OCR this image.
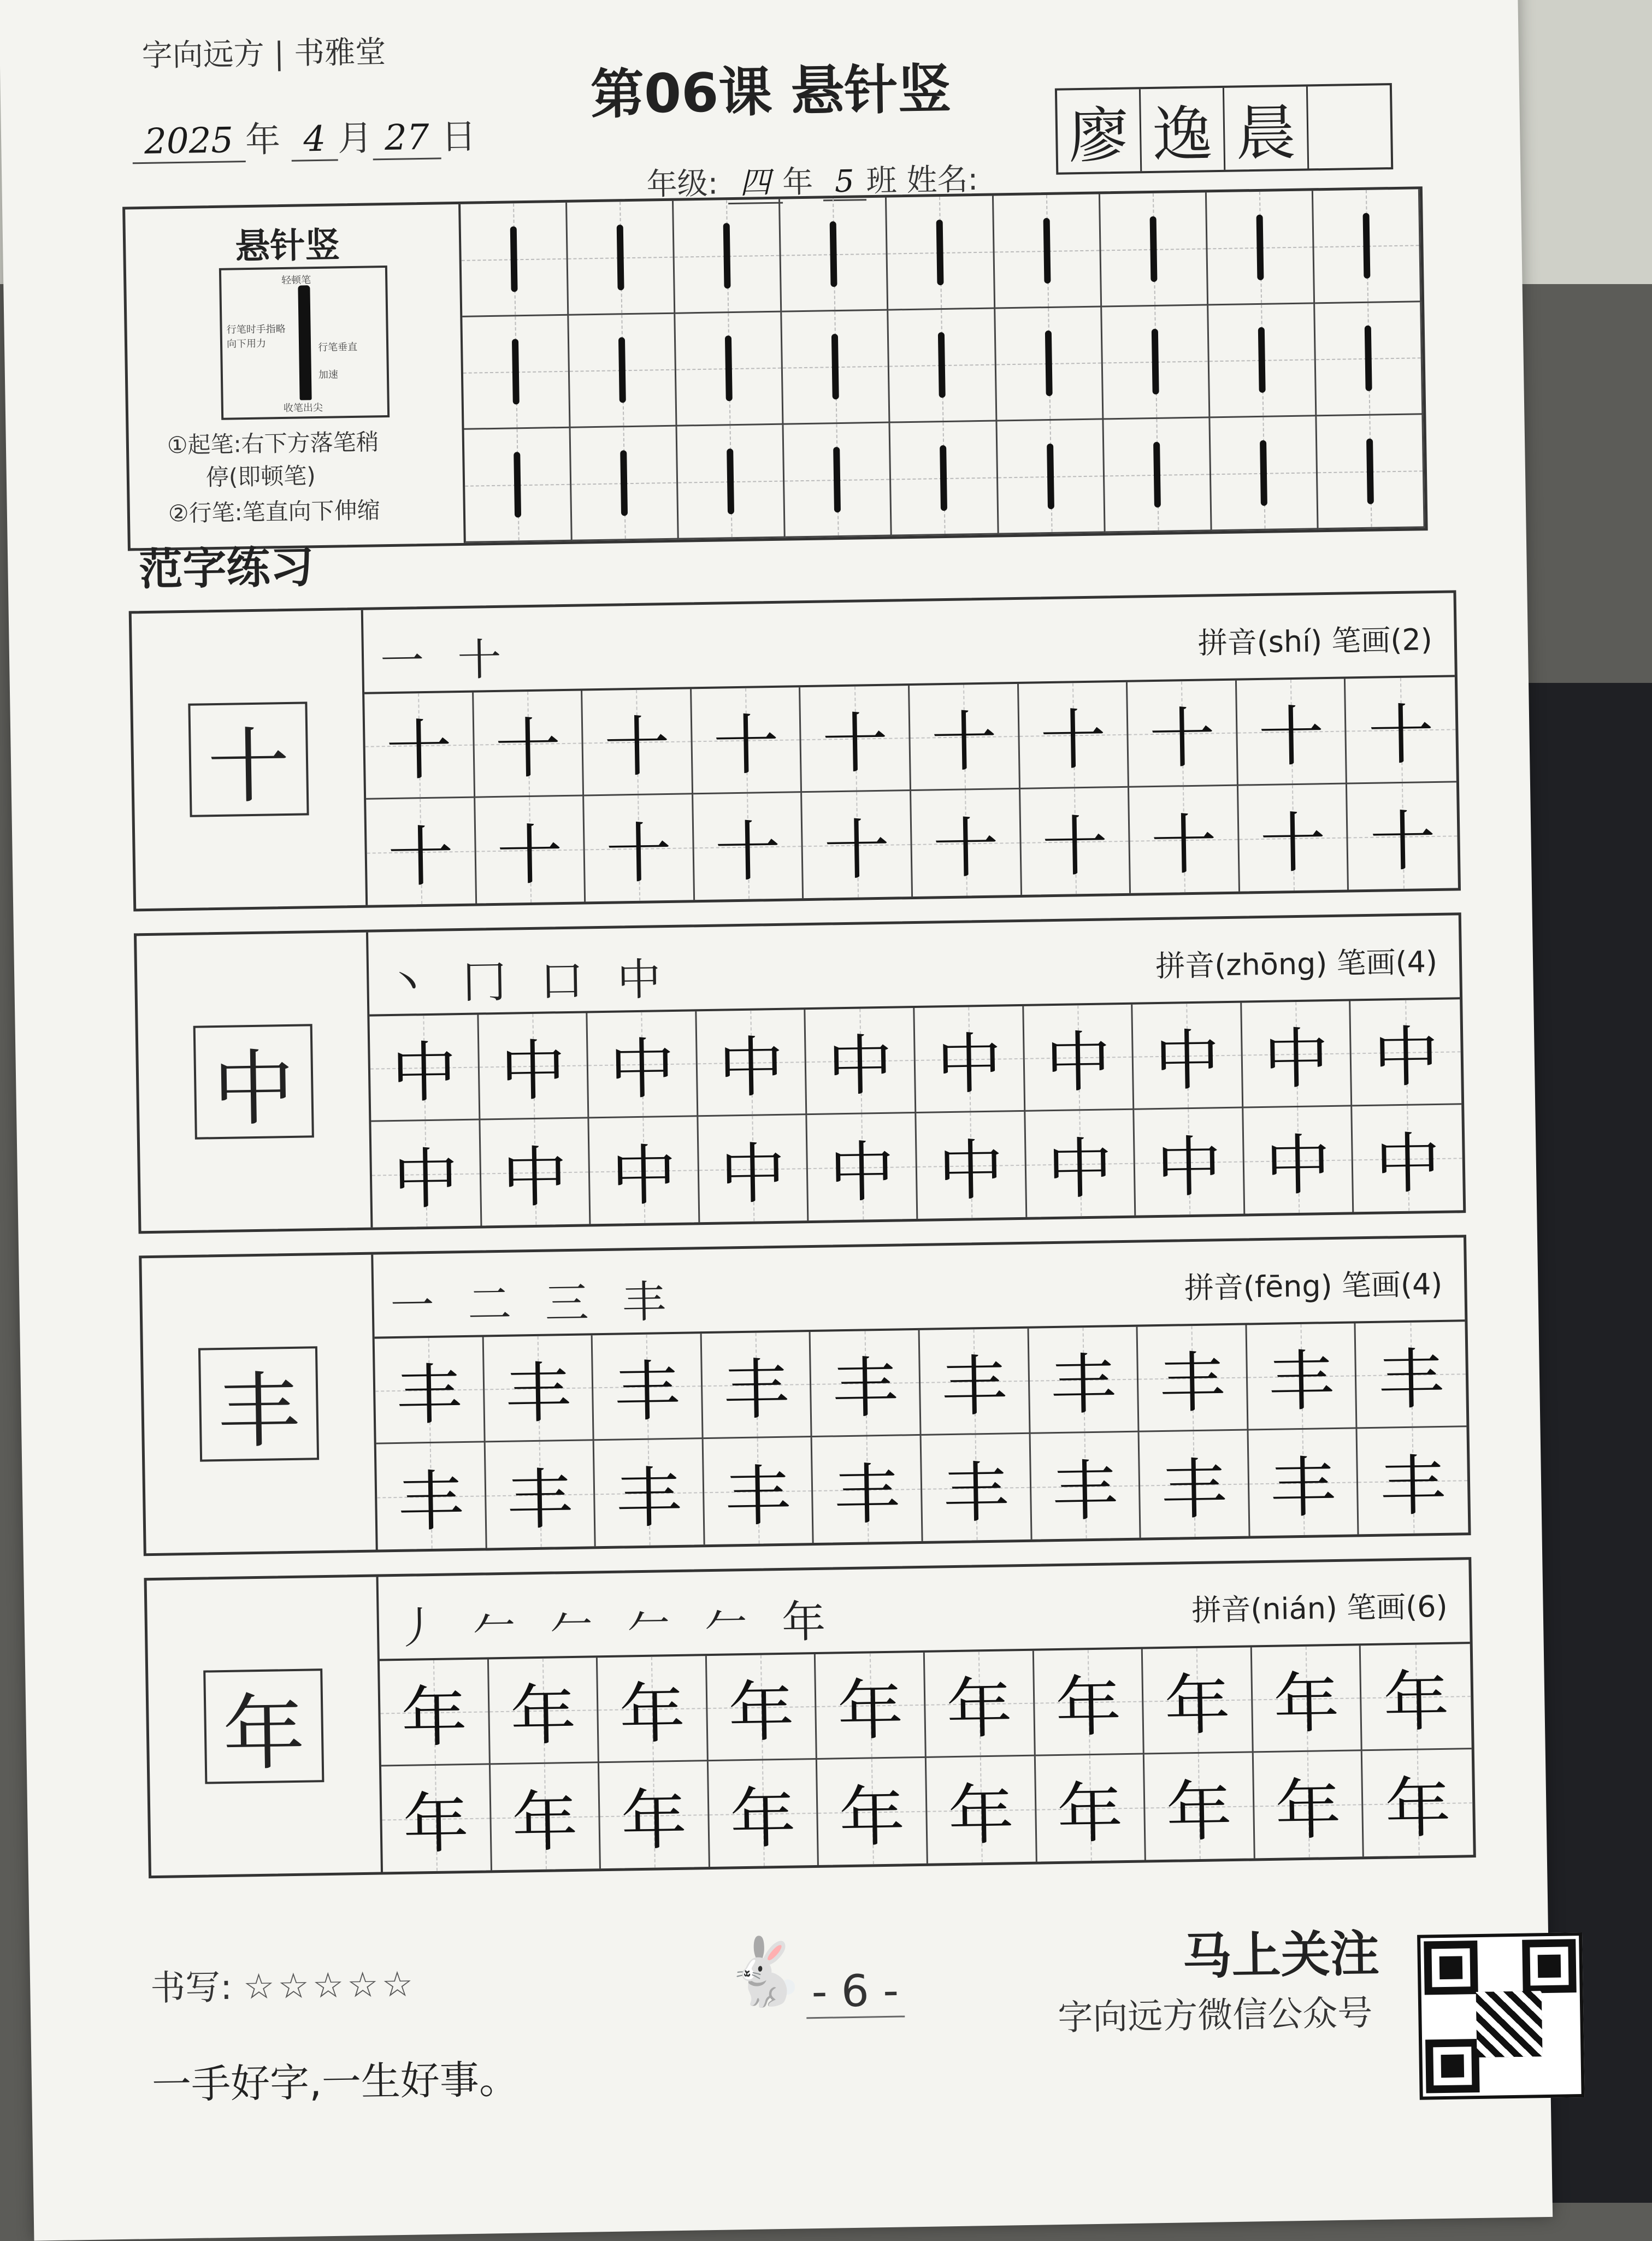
字向远方 | 书雅堂
第06课 悬针竖
2025 年 4 月 27 日
年级: 四 年 5 班 姓名:
廖 逸 晨
悬针竖
轻顿笔
行笔时手指略向下用力	行笔垂直
加速
收笔出尖
①起笔:右下方落笔稍
停(即顿笔)
②行笔:笔直向下伸缩
范字练习
十
一 十	拼音(shí) 笔画(2)
十 十 十 十 十 十 十 十 十 十
十 十 十 十 十 十 十 十 十 十
中
丶 冂 口 中	拼音(zhōng) 笔画(4)
中 中 中 中 中 中 中 中 中 中
中 中 中 中 中 中 中 中 中 中
丰
一 二 三 丰	拼音(fēng) 笔画(4)
丰 丰 丰 丰 丰 丰 丰 丰 丰 丰
丰 丰 丰 丰 丰 丰 丰 丰 丰 丰
年
丿 𠂉 𠂉 𠂉 𠂉 年	拼音(nián) 笔画(6)
年 年 年 年 年 年 年 年 年 年
年 年 年 年 年 年 年 年 年 年
书写: ☆☆☆☆☆
一手好字,一生好事。
🐇 - 6 -
马上关注
字向远方微信公众号
